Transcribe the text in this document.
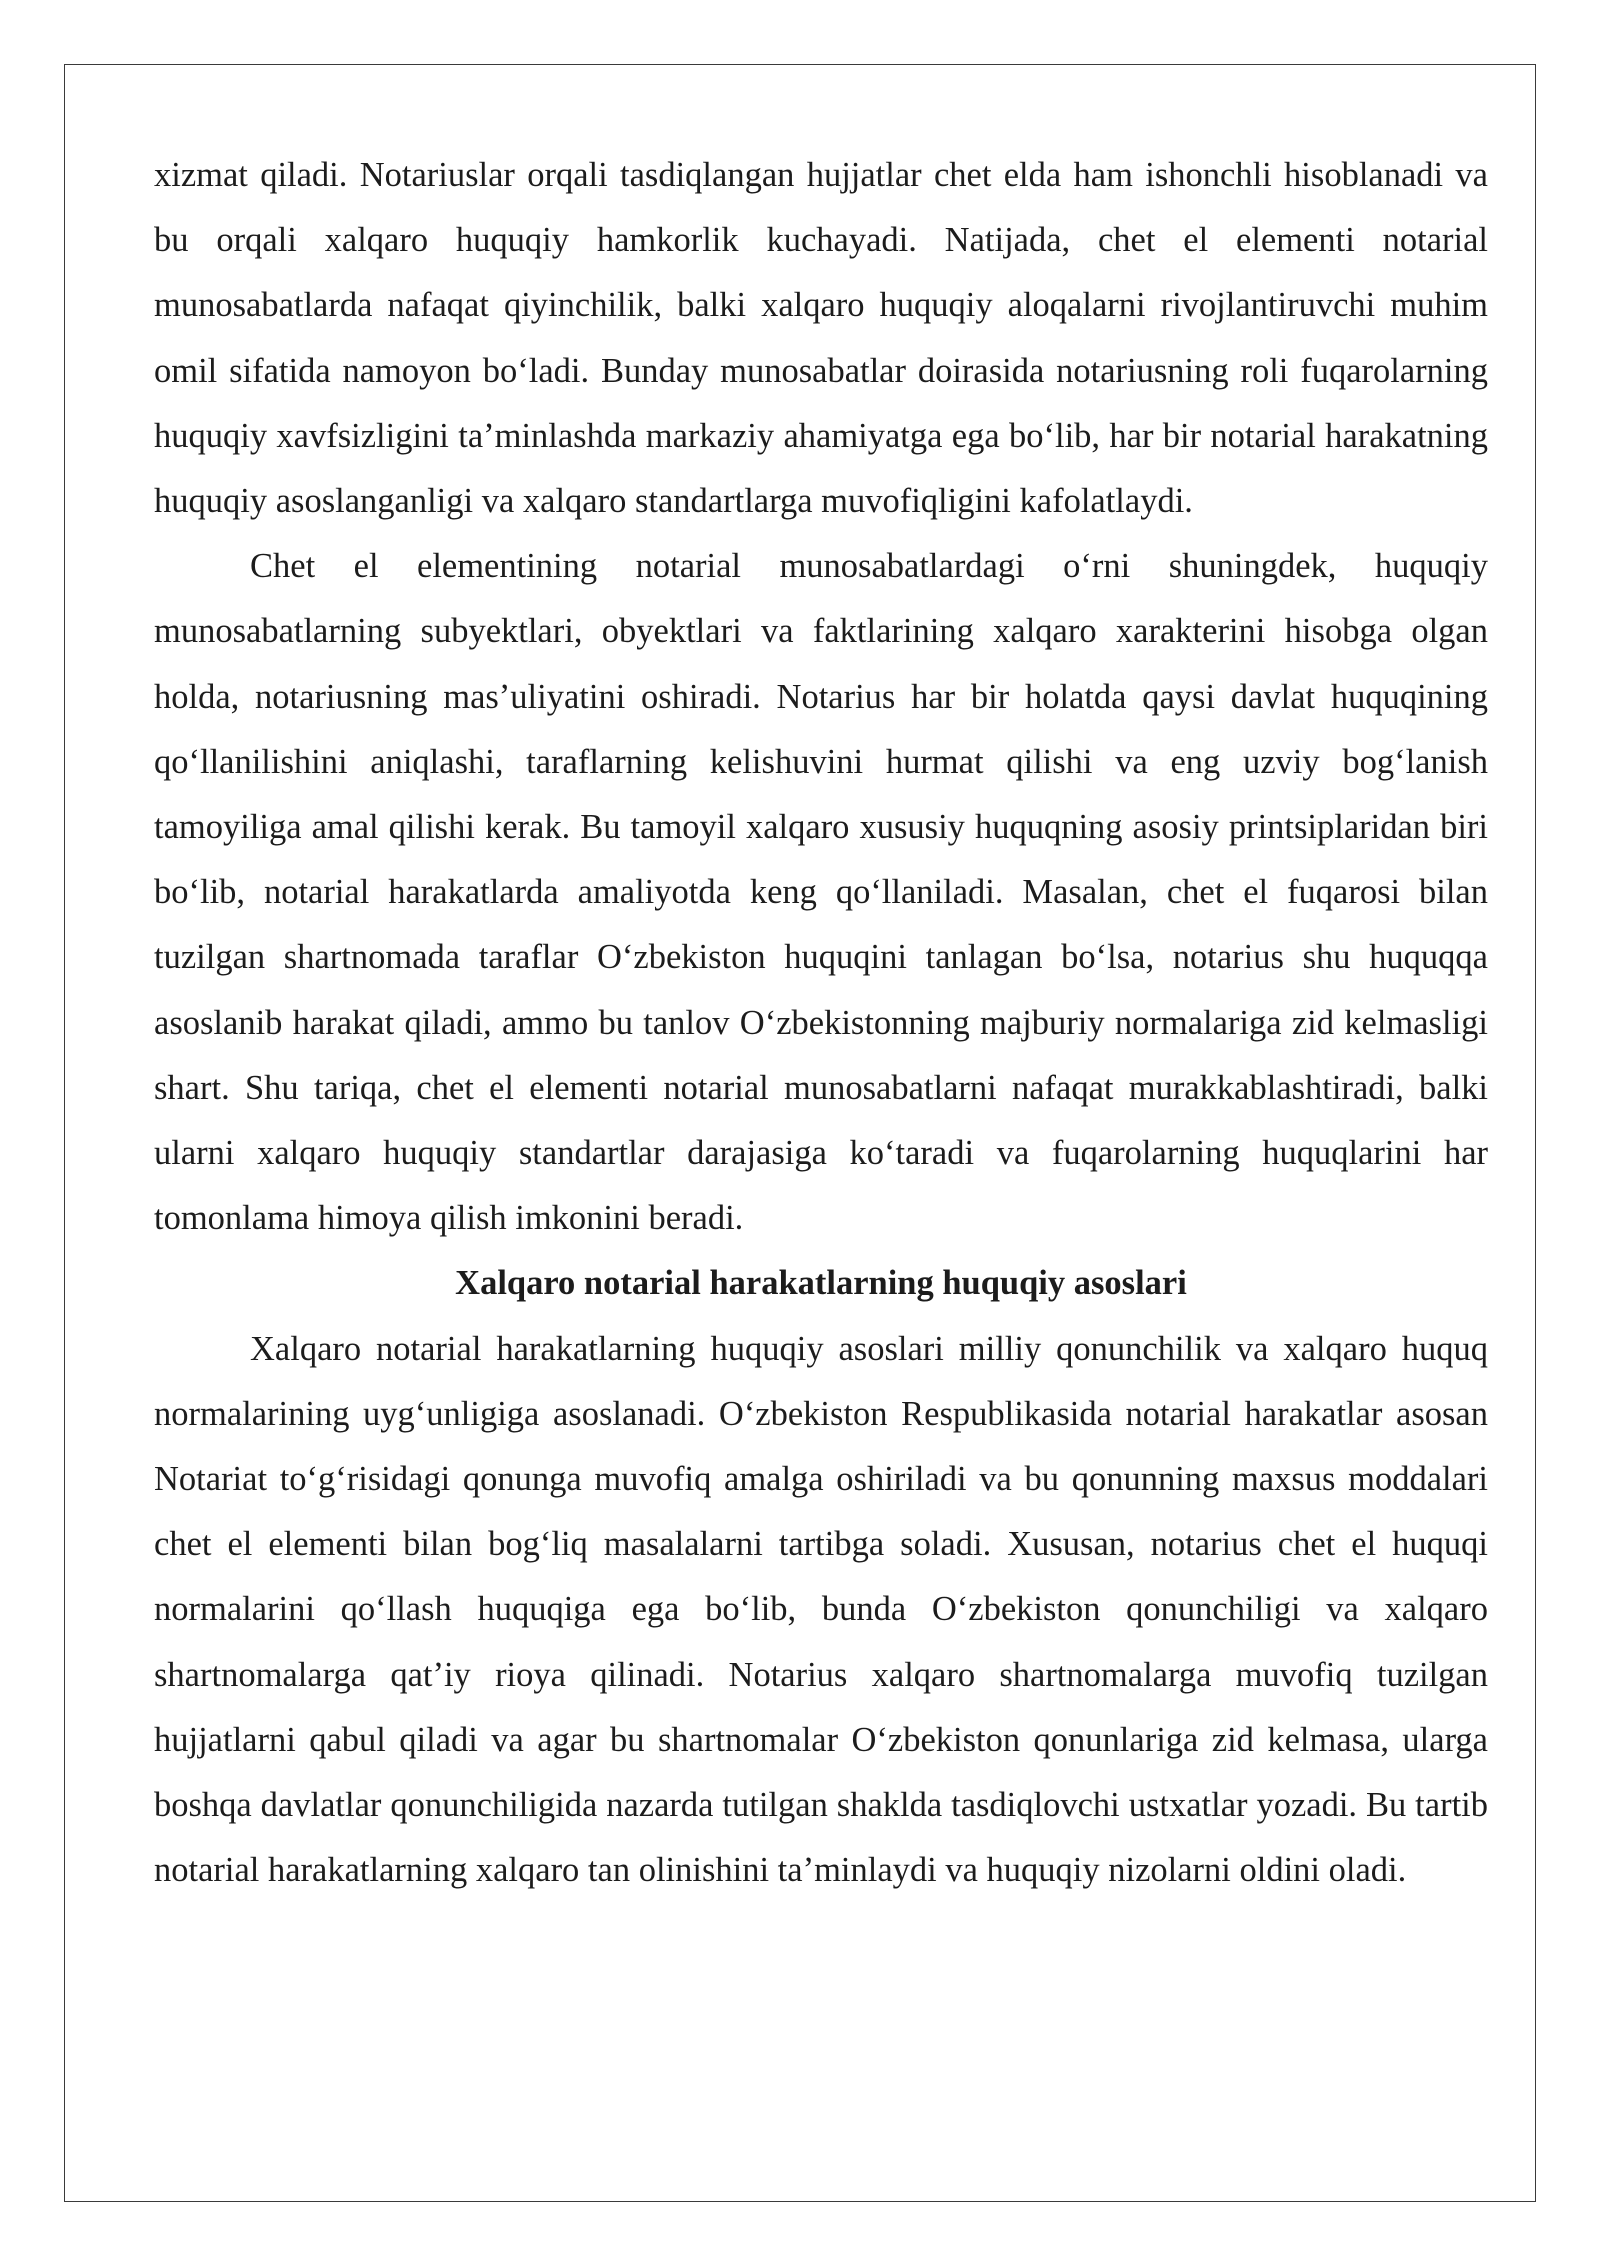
xizmat qiladi. Notariuslar orqali tasdiqlangan hujjatlar chet elda ham ishonchli hisoblanadi va bu orqali xalqaro huquqiy hamkorlik kuchayadi. Natijada, chet el elementi notarial munosabatlarda nafaqat qiyinchilik, balki xalqaro huquqiy aloqalarni rivojlantiruvchi muhim omil sifatida namoyon boʻladi. Bunday munosabatlar doirasida notariusning roli fuqarolarning huquqiy xavfsizligini taʼminlashda markaziy ahamiyatga ega boʻlib, har bir notarial harakatning huquqiy asoslanganligi va xalqaro standartlarga muvofiqligini kafolatlaydi.

Chet el elementining notarial munosabatlardagi oʻrni shuningdek, huquqiy munosabatlarning subyektlari, obyektlari va faktlarining xalqaro xarakterini hisobga olgan holda, notariusning masʼuliyatini oshiradi. Notarius har bir holatda qaysi davlat huquqining qoʻllanilishini aniqlashi, taraflarning kelishuvini hurmat qilishi va eng uzviy bogʻlanish tamoyiliga amal qilishi kerak. Bu tamoyil xalqaro xususiy huquqning asosiy printsiplaridan biri boʻlib, notarial harakatlarda amaliyotda keng qoʻllaniladi. Masalan, chet el fuqarosi bilan tuzilgan shartnomada taraflar Oʻzbekiston huquqini tanlagan boʻlsa, notarius shu huquqqa asoslanib harakat qiladi, ammo bu tanlov Oʻzbekistonning majburiy normalariga zid kelmasligi shart. Shu tariqa, chet el elementi notarial munosabatlarni nafaqat murakkablashtiradi, balki ularni xalqaro huquqiy standartlar darajasiga koʻtaradi va fuqarolarning huquqlarini har tomonlama himoya qilish imkonini beradi.

Xalqaro notarial harakatlarning huquqiy asoslari

Xalqaro notarial harakatlarning huquqiy asoslari milliy qonunchilik va xalqaro huquq normalarining uygʻunligiga asoslanadi. Oʻzbekiston Respublikasida notarial harakatlar asosan Notariat toʻgʻrisidagi qonunga muvofiq amalga oshiriladi va bu qonunning maxsus moddalari chet el elementi bilan bogʻliq masalalarni tartibga soladi. Xususan, notarius chet el huquqi normalarini qoʻllash huquqiga ega boʻlib, bunda Oʻzbekiston qonunchiligi va xalqaro shartnomalarga qatʼiy rioya qilinadi. Notarius xalqaro shartnomalarga muvofiq tuzilgan hujjatlarni qabul qiladi va agar bu shartnomalar Oʻzbekiston qonunlariga zid kelmasa, ularga boshqa davlatlar qonunchiligida nazarda tutilgan shaklda tasdiqlovchi ustxatlar yozadi. Bu tartib notarial harakatlarning xalqaro tan olinishini taʼminlaydi va huquqiy nizolarni oldini oladi.
